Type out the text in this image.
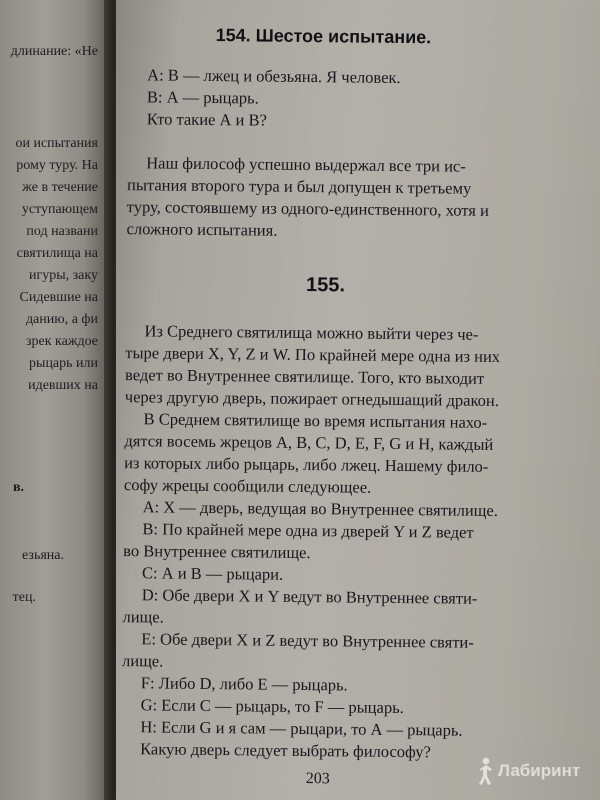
длинание: «Не
ои испытания
рому туру. На
же в течение
уступающем
под названи
святилища на
игуры, заку
Сидевшие на
данию, а фи
зрек каждое
рыцарь или
идевших на
в.
езьяна.
тец.
154. Шестое испытание.
А: В — лжец и обезьяна. Я человек.
В: А — рыцарь.
Кто такие А и В?
Наш философ успешно выдержал все три ис-
пытания второго тура и был допущен к третьему
туру, состоявшему из одного-единственного, хотя и
сложного испытания.
155.
Из Среднего святилища можно выйти через че-
тыре двери X, Y, Z и W. По крайней мере одна из них
ведет во Внутреннее святилище. Того, кто выходит
через другую дверь, пожирает огнедышащий дракон.
В Среднем святилище во время испытания нахо-
дятся восемь жрецов A, B, C, D, E, F, G и H, каждый
из которых либо рыцарь, либо лжец. Нашему фило-
софу жрецы сообщили следующее.
А: X — дверь, ведущая во Внутреннее святилище.
В: По крайней мере одна из дверей Y и Z ведет
во Внутреннее святилище.
С: А и В — рыцари.
D: Обе двери X и Y ведут во Внутреннее святи-
лище.
Е: Обе двери X и Z ведут во Внутреннее святи-
лище.
F: Либо D, либо E — рыцарь.
G: Если С — рыцарь, то F — рыцарь.
H: Если G и я сам — рыцари, то А — рыцарь.
Какую дверь следует выбрать философу?
203	Лабиринт
